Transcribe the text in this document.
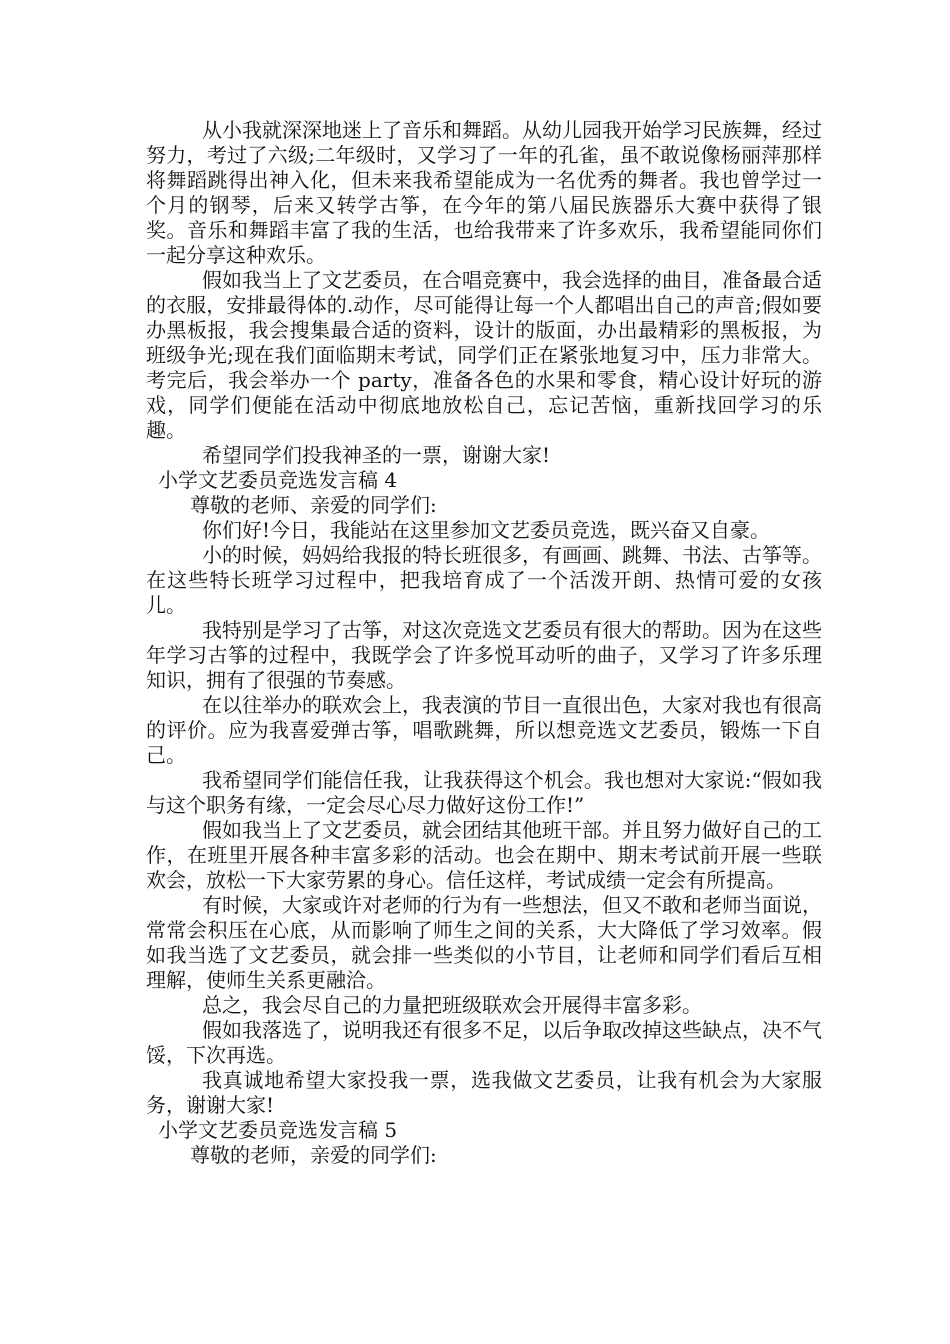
从小我就深深地迷上了音乐和舞蹈。从幼儿园我开始学习民族舞，经过努力，考过了六级;二年级时，又学习了一年的孔雀，虽不敢说像杨丽萍那样将舞蹈跳得出神入化，但未来我希望能成为一名优秀的舞者。我也曾学过一个月的钢琴，后来又转学古筝，在今年的第八届民族器乐大赛中获得了银奖。音乐和舞蹈丰富了我的生活，也给我带来了许多欢乐，我希望能同你们一起分享这种欢乐。

假如我当上了文艺委员，在合唱竞赛中，我会选择的曲目，准备最合适的衣服，安排最得体的.动作，尽可能得让每一个人都唱出自己的声音;假如要办黑板报，我会搜集最合适的资料，设计的版面，办出最精彩的黑板报，为班级争光;现在我们面临期末考试，同学们正在紧张地复习中，压力非常大。考完后，我会举办一个 party，准备各色的水果和零食，精心设计好玩的游戏，同学们便能在活动中彻底地放松自己，忘记苦恼，重新找回学习的乐趣。

希望同学们投我神圣的一票，谢谢大家!

小学文艺委员竞选发言稿 4

尊敬的老师、亲爱的同学们:

你们好!今日，我能站在这里参加文艺委员竞选，既兴奋又自豪。

小的时候，妈妈给我报的特长班很多，有画画、跳舞、书法、古筝等。在这些特长班学习过程中，把我培育成了一个活泼开朗、热情可爱的女孩儿。

我特别是学习了古筝，对这次竞选文艺委员有很大的帮助。因为在这些年学习古筝的过程中，我既学会了许多悦耳动听的曲子，又学习了许多乐理知识，拥有了很强的节奏感。

在以往举办的联欢会上，我表演的节目一直很出色，大家对我也有很高的评价。应为我喜爱弹古筝，唱歌跳舞，所以想竞选文艺委员，锻炼一下自己。

我希望同学们能信任我，让我获得这个机会。我也想对大家说:“假如我与这个职务有缘，一定会尽心尽力做好这份工作!”

假如我当上了文艺委员，就会团结其他班干部。并且努力做好自己的工作，在班里开展各种丰富多彩的活动。也会在期中、期末考试前开展一些联欢会，放松一下大家劳累的身心。信任这样，考试成绩一定会有所提高。

有时候，大家或许对老师的行为有一些想法，但又不敢和老师当面说，常常会积压在心底，从而影响了师生之间的关系，大大降低了学习效率。假如我当选了文艺委员，就会排一些类似的小节目，让老师和同学们看后互相理解，使师生关系更融洽。

总之，我会尽自己的力量把班级联欢会开展得丰富多彩。

假如我落选了，说明我还有很多不足，以后争取改掉这些缺点，决不气馁，下次再选。

我真诚地希望大家投我一票，选我做文艺委员，让我有机会为大家服务，谢谢大家!

小学文艺委员竞选发言稿 5

尊敬的老师，亲爱的同学们:
